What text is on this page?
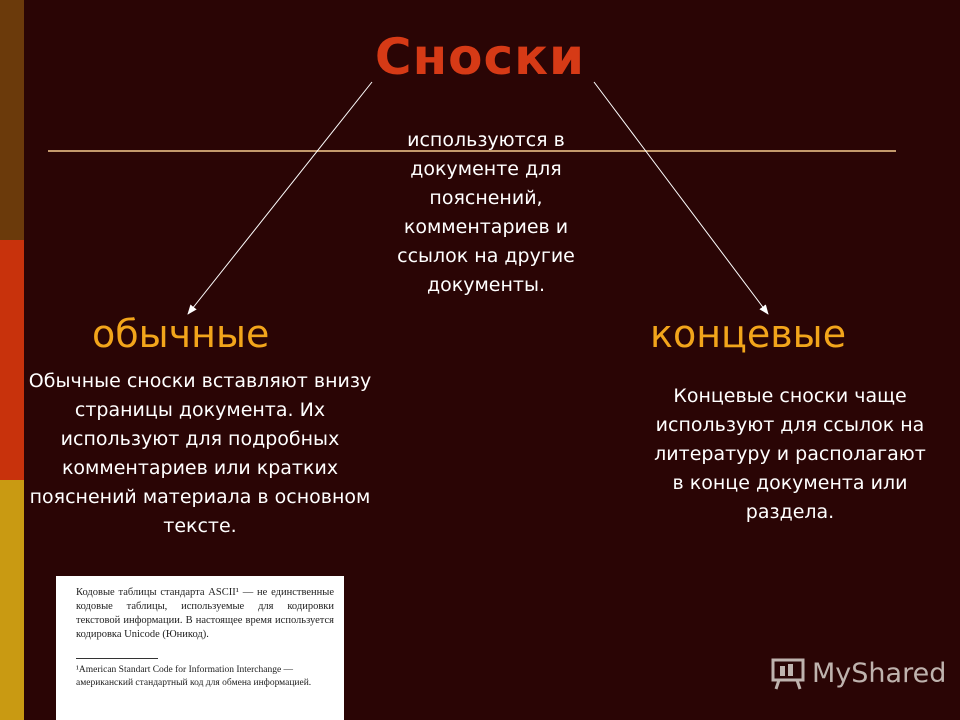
Сноски
используются в документе для пояснений, комментариев и ссылок на другие документы.
обычные	концевые
Обычные сноски вставляют внизу страницы документа. Их используют для подробных комментариев или кратких пояснений материала в основном тексте.
Концевые сноски чаще используют для ссылок на литературу и располагают в конце документа или раздела.
Кодовые таблицы стандарта ASCII¹ — не единственные кодовые таблицы, используемые для кодировки текстовой информации. В настоящее время используется кодировка Unicode (Юникод).
¹American Standart Code for Information Interchange — американский стандартный код для обмена информацией.	MyShared
